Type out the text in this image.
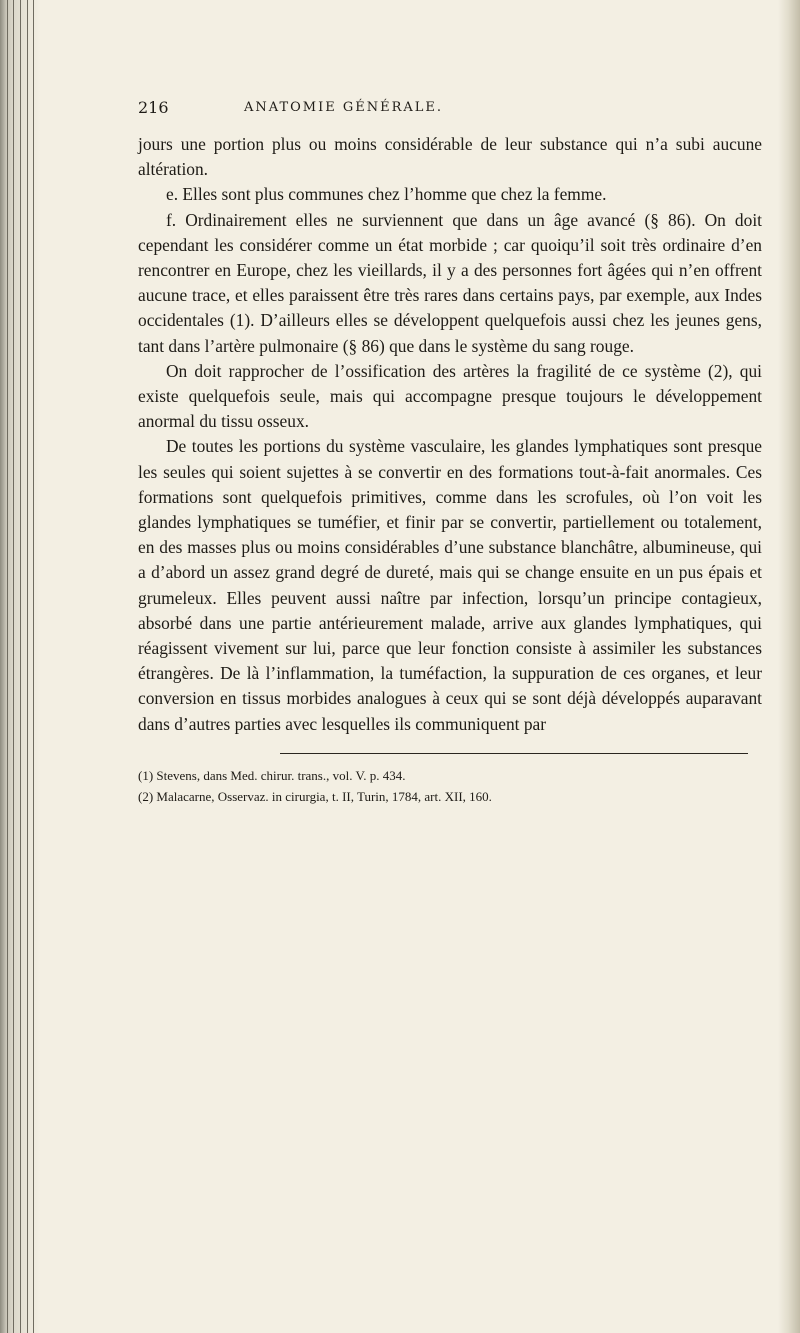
216	ANATOMIE GÉNÉRALE.

jours une portion plus ou moins considérable de leur substance qui n’a subi aucune altération.

e. Elles sont plus communes chez l’homme que chez la femme.

f. Ordinairement elles ne surviennent que dans un âge avancé (§ 86). On doit cependant les considérer comme un état morbide ; car quoiqu’il soit très ordinaire d’en rencontrer en Europe, chez les vieillards, il y a des personnes fort âgées qui n’en offrent aucune trace, et elles paraissent être très rares dans certains pays, par exemple, aux Indes occidentales (1). D’ailleurs elles se développent quelquefois aussi chez les jeunes gens, tant dans l’artère pulmonaire (§ 86) que dans le système du sang rouge.

On doit rapprocher de l’ossification des artères la fragilité de ce système (2), qui existe quelquefois seule, mais qui accompagne presque toujours le développement anormal du tissu osseux.

De toutes les portions du système vasculaire, les glandes lymphatiques sont presque les seules qui soient sujettes à se convertir en des formations tout-à-fait anormales. Ces formations sont quelquefois primitives, comme dans les scrofules, où l’on voit les glandes lymphatiques se tuméfier, et finir par se convertir, partiellement ou totalement, en des masses plus ou moins considérables d’une substance blanchâtre, albumineuse, qui a d’abord un assez grand degré de dureté, mais qui se change ensuite en un pus épais et grumeleux. Elles peuvent aussi naître par infection, lorsqu’un principe contagieux, absorbé dans une partie antérieurement malade, arrive aux glandes lymphatiques, qui réagissent vivement sur lui, parce que leur fonction consiste à assimiler les substances étrangères. De là l’inflammation, la tuméfaction, la suppuration de ces organes, et leur conversion en tissus morbides analogues à ceux qui se sont déjà développés auparavant dans d’autres parties avec lesquelles ils communiquent par

(1) Stevens, dans Med. chirur. trans., vol. V. p. 434.

(2) Malacarne, Osservaz. in cirurgia, t. II, Turin, 1784, art. XII, 160.
